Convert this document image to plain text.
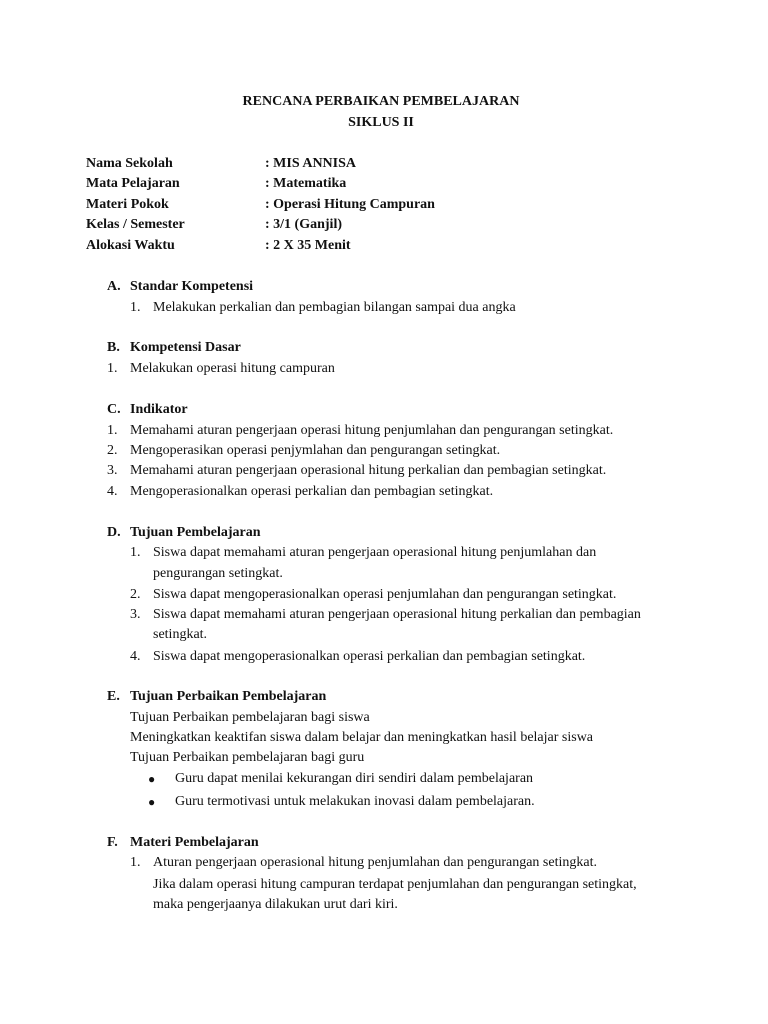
RENCANA PERBAIKAN PEMBELAJARAN
SIKLUS II
Nama Sekolah	: MIS ANNISA
Mata Pelajaran	: Matematika
Materi Pokok	: Operasi Hitung Campuran
Kelas / Semester	: 3/1 (Ganjil)
Alokasi Waktu	: 2 X 35 Menit
A. Standar Kompetensi
1. Melakukan perkalian dan pembagian bilangan sampai dua angka
B. Kompetensi Dasar
1. Melakukan operasi hitung campuran
C. Indikator
1. Memahami aturan pengerjaan operasi hitung penjumlahan dan pengurangan setingkat.
2. Mengoperasikan operasi penjymlahan dan pengurangan setingkat.
3. Memahami aturan pengerjaan operasional hitung perkalian dan pembagian setingkat.
4. Mengoperasionalkan operasi perkalian dan pembagian setingkat.
D. Tujuan Pembelajaran
1. Siswa dapat memahami aturan pengerjaan operasional hitung penjumlahan dan
pengurangan setingkat.
2. Siswa dapat mengoperasionalkan operasi penjumlahan dan pengurangan setingkat.
3. Siswa dapat memahami aturan pengerjaan operasional hitung perkalian dan pembagian
setingkat.
4. Siswa dapat mengoperasionalkan operasi perkalian dan pembagian setingkat.
E. Tujuan Perbaikan Pembelajaran
Tujuan Perbaikan pembelajaran bagi siswa
Meningkatkan keaktifan siswa dalam belajar dan meningkatkan hasil belajar siswa
Tujuan Perbaikan pembelajaran bagi guru
● Guru dapat menilai kekurangan diri sendiri dalam pembelajaran
● Guru termotivasi untuk melakukan inovasi dalam pembelajaran.
F. Materi Pembelajaran
1. Aturan pengerjaan operasional hitung penjumlahan dan pengurangan setingkat.
Jika dalam operasi hitung campuran terdapat penjumlahan dan pengurangan setingkat,
maka pengerjaanya dilakukan urut dari kiri.
